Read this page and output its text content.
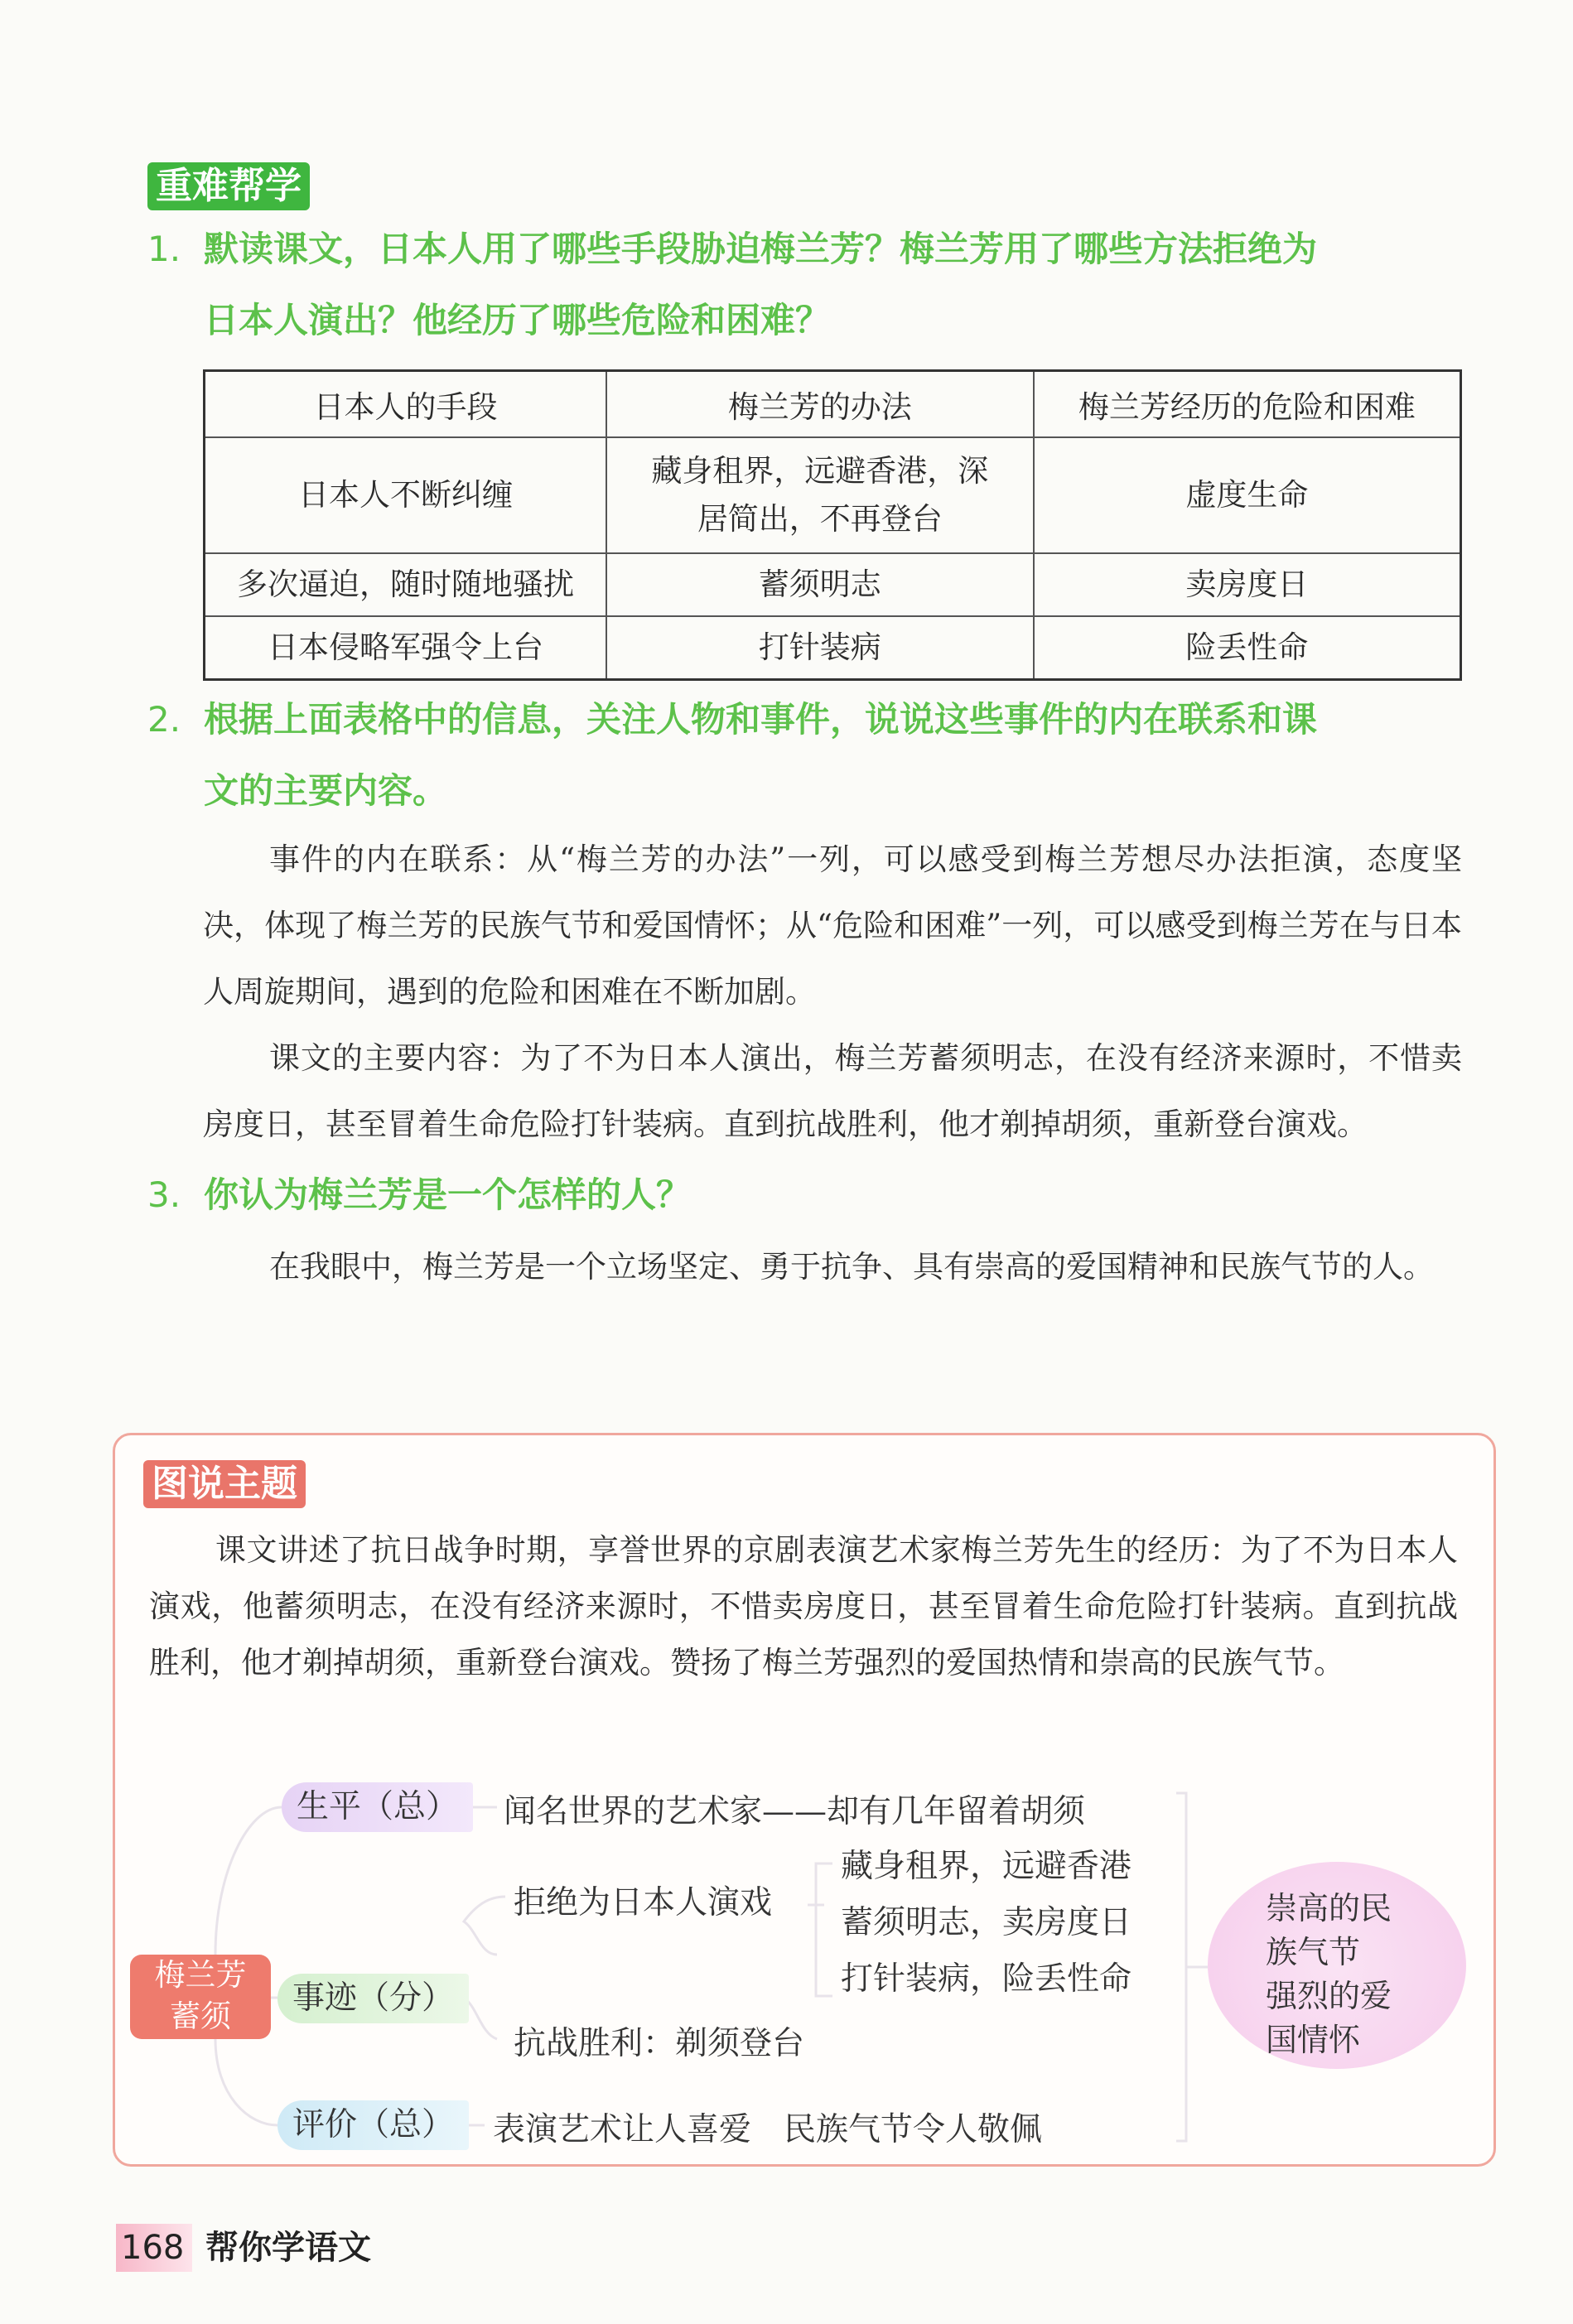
重难帮学
1. 默读课文，日本人用了哪些手段胁迫梅兰芳？梅兰芳用了哪些方法拒绝为
日本人演出？他经历了哪些危险和困难？
日本人的手段	梅兰芳的办法	梅兰芳经历的危险和困难
日本人不断纠缠	藏身租界，远避香港，深居简出，不再登台	虚度生命
多次逼迫，随时随地骚扰	蓄须明志	卖房度日
日本侵略军强令上台	打针装病	险丢性命
2. 根据上面表格中的信息，关注人物和事件，说说这些事件的内在联系和课
文的主要内容。

事件的内在联系：从“梅兰芳的办法”一列，可以感受到梅兰芳想尽办法拒演，态度坚决，体现了梅兰芳的民族气节和爱国情怀；从“危险和困难”一列，可以感受到梅兰芳在与日本人周旋期间，遇到的危险和困难在不断加剧。

课文的主要内容：为了不为日本人演出，梅兰芳蓄须明志，在没有经济来源时，不惜卖房度日，甚至冒着生命危险打针装病。直到抗战胜利，他才剃掉胡须，重新登台演戏。

3. 你认为梅兰芳是一个怎样的人？

在我眼中，梅兰芳是一个立场坚定、勇于抗争、具有崇高的爱国精神和民族气节的人。

图说主题

课文讲述了抗日战争时期，享誉世界的京剧表演艺术家梅兰芳先生的经历：为了不为日本人演戏，他蓄须明志，在没有经济来源时，不惜卖房度日，甚至冒着生命危险打针装病。直到抗战胜利，他才剃掉胡须，重新登台演戏。赞扬了梅兰芳强烈的爱国热情和崇高的民族气节。

梅兰芳
蓄须
生平（总）	闻名世界的艺术家——却有几年留着胡须
事迹（分）
拒绝为日本人演戏
藏身租界，远避香港
蓄须明志，卖房度日
打针装病，险丢性命
抗战胜利：剃须登台
评价（总）	表演艺术让人喜爱　民族气节令人敬佩
崇高的民
族气节
强烈的爱
国情怀
168 帮你学语文
